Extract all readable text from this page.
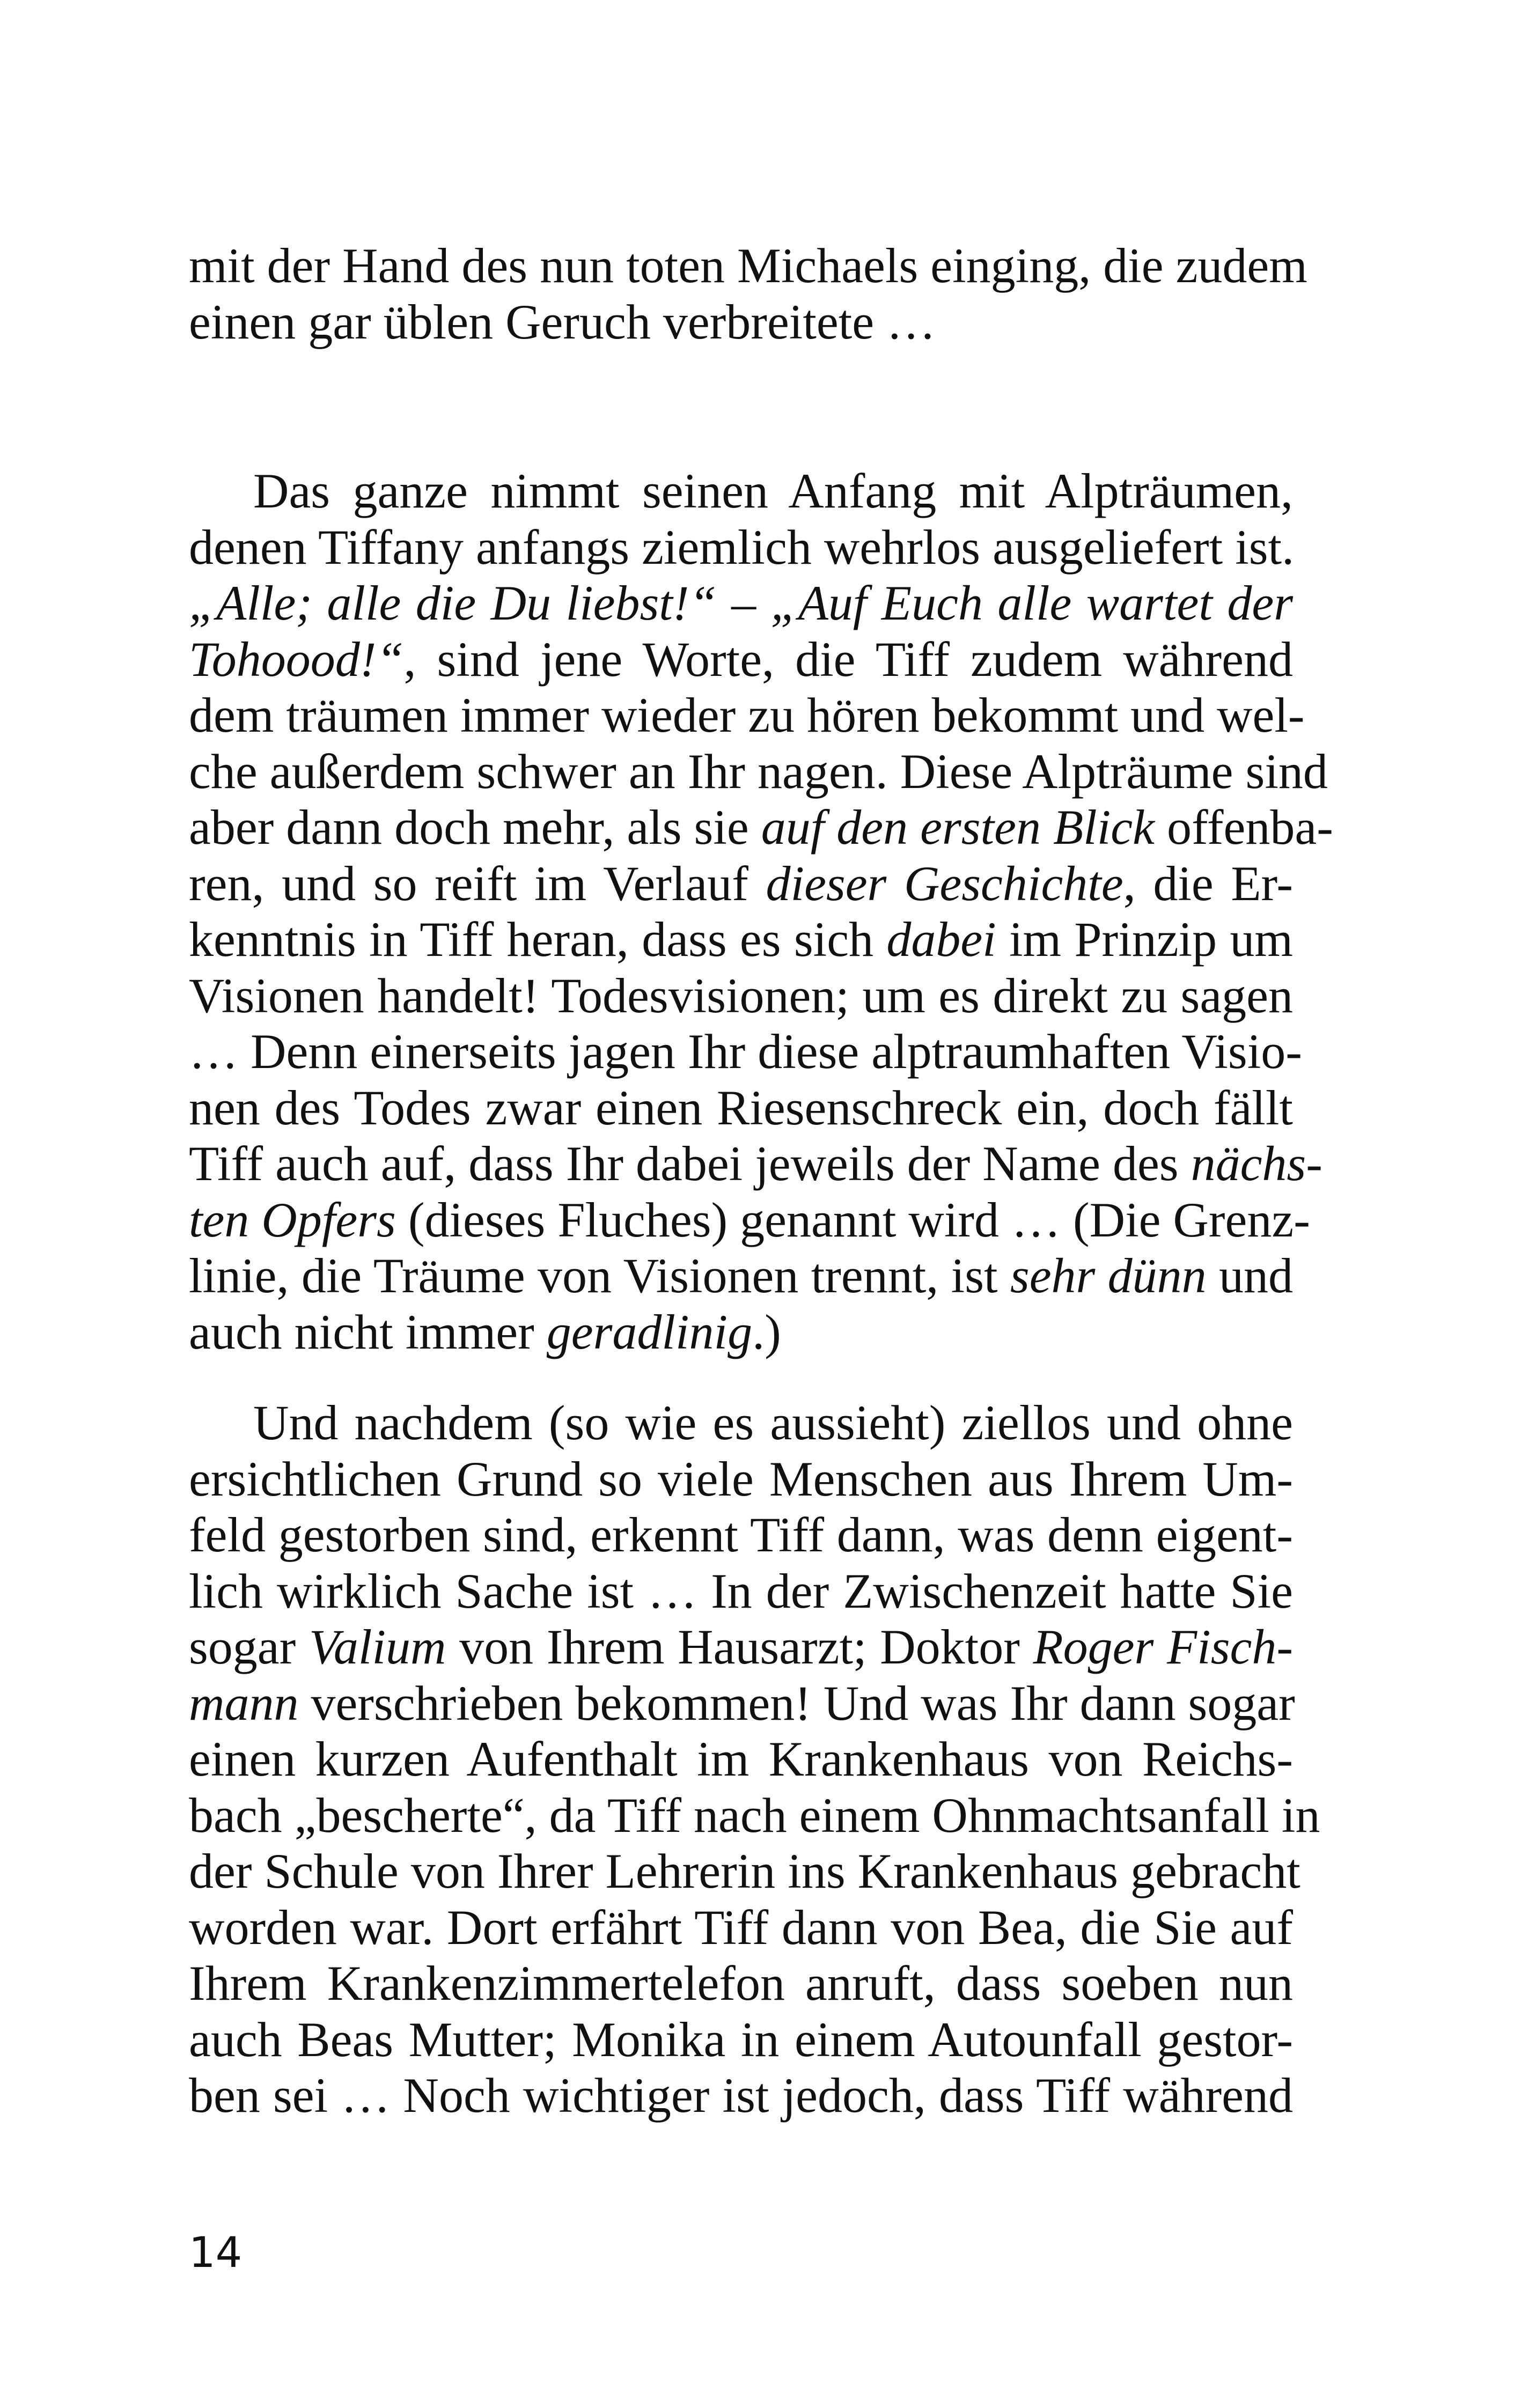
mit der Hand des nun toten Michaels einging, die zudem
einen gar üblen Geruch verbreitete …
Das ganze nimmt seinen Anfang mit Alpträumen,
denen Tiffany anfangs ziemlich wehrlos ausgeliefert ist.
„Alle; alle die Du liebst!“ – „Auf Euch alle wartet der
Tohoood!“, sind jene Worte, die Tiff zudem während
dem träumen immer wieder zu hören bekommt und wel-
che außerdem schwer an Ihr nagen. Diese Alpträume sind
aber dann doch mehr, als sie auf den ersten Blick offenba-
ren, und so reift im Verlauf dieser Geschichte, die Er-
kenntnis in Tiff heran, dass es sich dabei im Prinzip um
Visionen handelt! Todesvisionen; um es direkt zu sagen
… Denn einerseits jagen Ihr diese alptraumhaften Visio-
nen des Todes zwar einen Riesenschreck ein, doch fällt
Tiff auch auf, dass Ihr dabei jeweils der Name des nächs-
ten Opfers (dieses Fluches) genannt wird … (Die Grenz-
linie, die Träume von Visionen trennt, ist sehr dünn und
auch nicht immer geradlinig.)
Und nachdem (so wie es aussieht) ziellos und ohne
ersichtlichen Grund so viele Menschen aus Ihrem Um-
feld gestorben sind, erkennt Tiff dann, was denn eigent-
lich wirklich Sache ist … In der Zwischenzeit hatte Sie
sogar Valium von Ihrem Hausarzt; Doktor Roger Fisch-
mann verschrieben bekommen! Und was Ihr dann sogar
einen kurzen Aufenthalt im Krankenhaus von Reichs-
bach „bescherte“, da Tiff nach einem Ohnmachtsanfall in
der Schule von Ihrer Lehrerin ins Krankenhaus gebracht
worden war. Dort erfährt Tiff dann von Bea, die Sie auf
Ihrem Krankenzimmertelefon anruft, dass soeben nun
auch Beas Mutter; Monika in einem Autounfall gestor-
ben sei … Noch wichtiger ist jedoch, dass Tiff während
14
